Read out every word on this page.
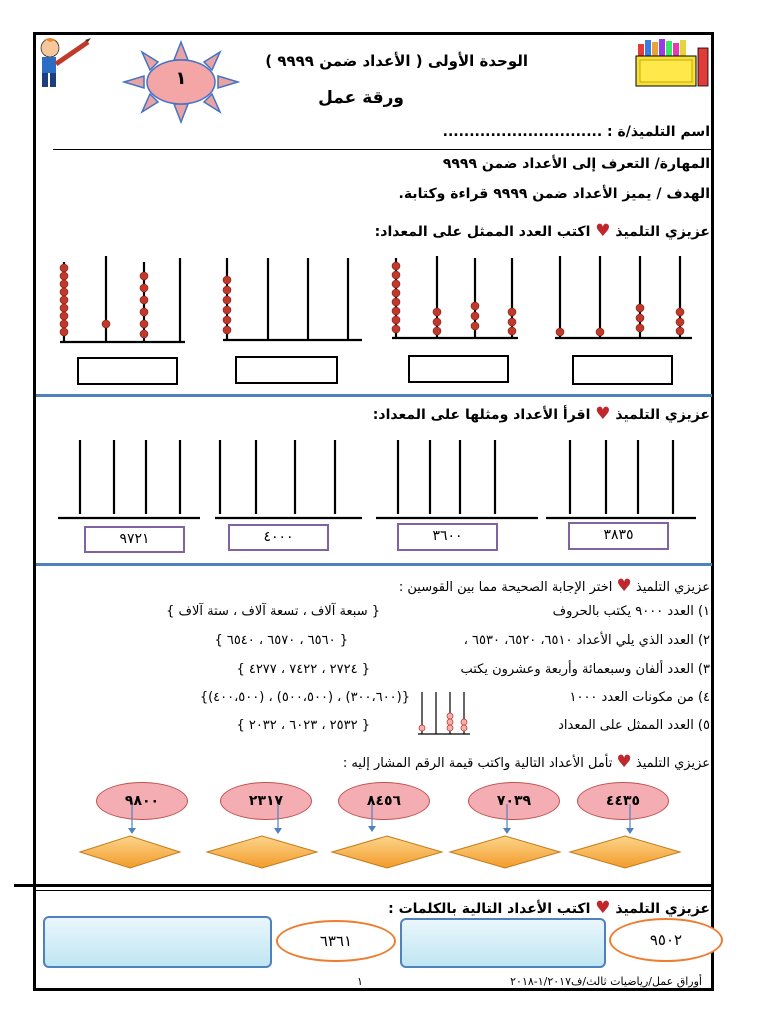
١
الوحدة الأولى ( الأعداد ضمن ٩٩٩٩ )
ورقة عمل
اسم التلميذ/ة : ..............................
المهارة/ التعرف إلى الأعداد ضمن ٩٩٩٩
الهدف / يميز الأعداد ضمن ٩٩٩٩ قراءة وكتابة.
عزيزي التلميذ ♥ اكتب العدد الممثل على المعداد:
عزيزي التلميذ ♥ اقرأ الأعداد ومثلها على المعداد:
٣٨٣٥
٣٦٠٠
٤٠٠٠
٩٧٢١
عزيزي التلميذ ♥ اختر الإجابة الصحيحة مما بين القوسين :
١) العدد ٩٠٠٠ يكتب بالحروف
{ سبعة آلاف ، تسعة آلاف ، ستة آلاف }
٢) العدد الذي يلي الأعداد ٦٥١٠، ٦٥٢٠، ٦٥٣٠ ،
{ ٦٥٦٠ ، ٦٥٧٠ ، ٦٥٤٠ }
٣) العدد ألفان وسبعمائة وأربعة وعشرون يكتب
{ ٢٧٢٤ ، ٧٤٢٢ ، ٤٢٧٧ }
٤) من مكونات العدد ١٠٠٠
{(٣٠٠،٦٠٠) ، (٥٠٠،٥٠٠) ، (٤٠٠،٥٠٠)}
٥) العدد الممثل على المعداد
{ ٢٥٣٢ ، ٦٠٢٣ ، ٢٠٣٢ }
عزيزي التلميذ ♥ تأمل الأعداد التالية واكتب قيمة الرقم المشار إليه :
٤٤٣٥
٧٠٣٩
٨٤٥٦
٢٣١٧
٩٨٠٠
عزيزي التلميذ ♥ اكتب الأعداد التالية بالكلمات :
٦٣٦١	٩٥٠٢
أوراق عمل/رياضيات ثالث/ف١/٢٠١٧-٢٠١٨
١
